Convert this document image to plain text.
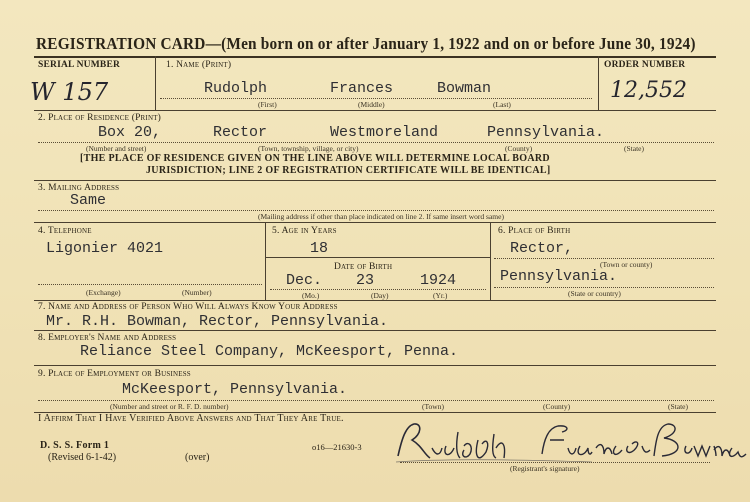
REGISTRATION CARD—(Men born on or after January 1, 1922 and on or before June 30, 1924)
SERIAL NUMBER
W 157
1. Name (Print)
Rudolph	Frances	Bowman
(First)	(Middle)	(Last)
ORDER NUMBER
12,552
2. Place of Residence (Print)
Box 20,	Rector	Westmoreland	Pennsylvania.
(Number and street)	(Town, township, village, or city)	(County)	(State)
[THE PLACE OF RESIDENCE GIVEN ON THE LINE ABOVE WILL DETERMINE LOCAL BOARD
JURISDICTION; LINE 2 OF REGISTRATION CERTIFICATE WILL BE IDENTICAL]
3. Mailing Address
Same
(Mailing address if other than place indicated on line 2. If same insert word same)
4. Telephone
Ligonier 4021
(Exchange)	(Number)
5. Age in Years
18
Date of Birth
Dec. 23	1924
(Mo.)	(Day)	(Yr.)
6. Place of Birth
Rector,
(Town or county)
Pennsylvania.
(State or country)
7. Name and Address of Person Who Will Always Know Your Address
Mr. R.H. Bowman, Rector, Pennsylvania.
8. Employer's Name and Address
Reliance Steel Company, McKeesport, Penna.
9. Place of Employment or Business
McKeesport, Pennsylvania.
(Number and street or R. F. D. number)	(Town)	(County)	(State)
I Affirm That I Have Verified Above Answers and That They Are True.
(Registrant's signature)
D. S. S. Form 1
(Revised 6-1-42)	(over)
o16—21630-3
